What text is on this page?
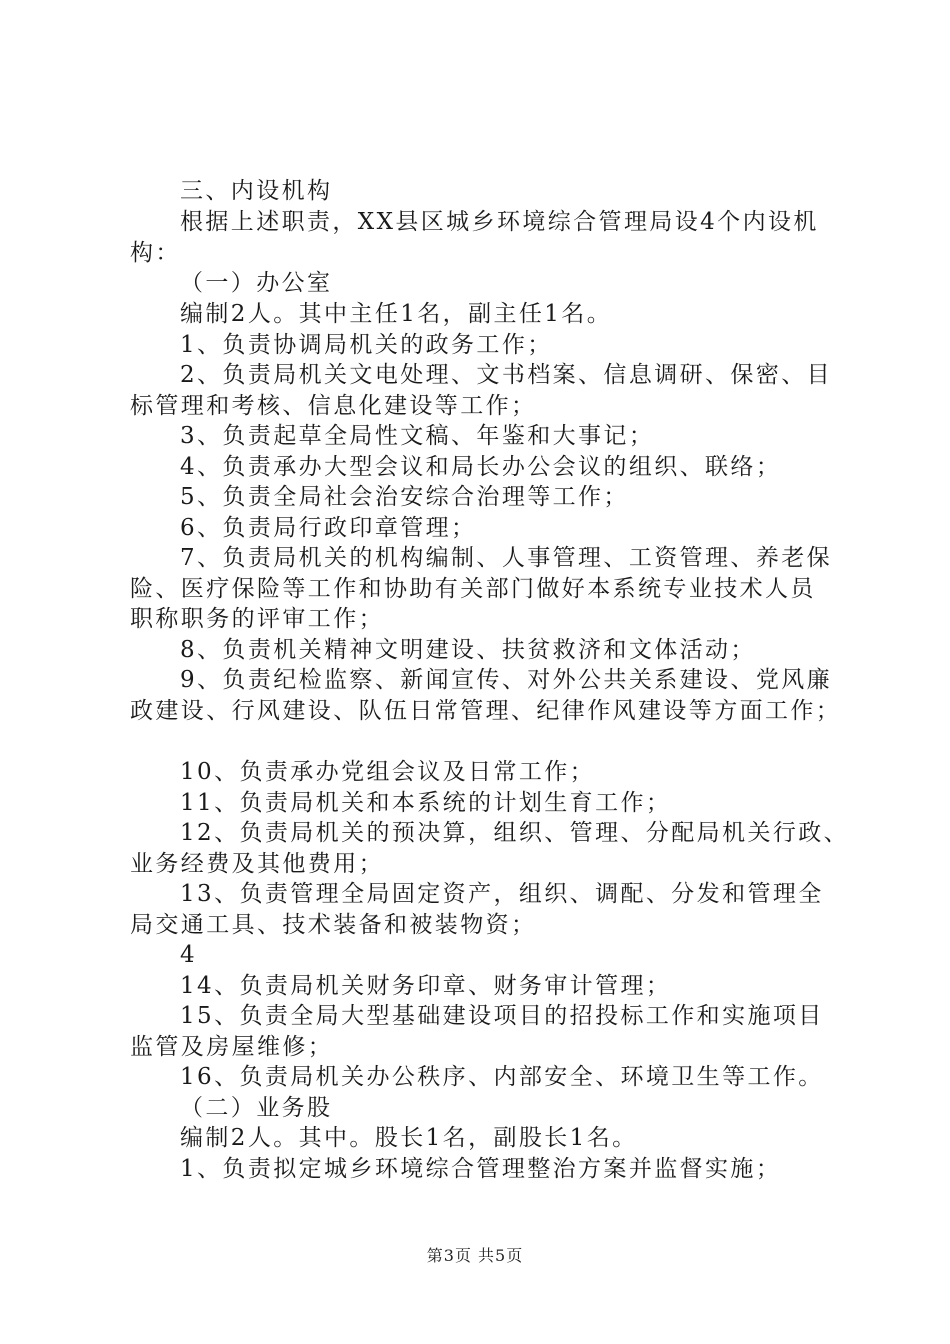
三、内设机构
根据上述职责，XX县区城乡环境综合管理局设4个内设机
构：
（一）办公室
编制2人。其中主任1名，副主任1名。
1、负责协调局机关的政务工作；
2、负责局机关文电处理、文书档案、信息调研、保密、目
标管理和考核、信息化建设等工作；
3、负责起草全局性文稿、年鉴和大事记；
4、负责承办大型会议和局长办公会议的组织、联络；
5、负责全局社会治安综合治理等工作；
6、负责局行政印章管理；
7、负责局机关的机构编制、人事管理、工资管理、养老保
险、医疗保险等工作和协助有关部门做好本系统专业技术人员
职称职务的评审工作；
8、负责机关精神文明建设、扶贫救济和文体活动；
9、负责纪检监察、新闻宣传、对外公共关系建设、党风廉
政建设、行风建设、队伍日常管理、纪律作风建设等方面工作；
10、负责承办党组会议及日常工作；
11、负责局机关和本系统的计划生育工作；
12、负责局机关的预决算，组织、管理、分配局机关行政、
业务经费及其他费用；
13、负责管理全局固定资产，组织、调配、分发和管理全
局交通工具、技术装备和被装物资；
4
14、负责局机关财务印章、财务审计管理；
15、负责全局大型基础建设项目的招投标工作和实施项目
监管及房屋维修；
16、负责局机关办公秩序、内部安全、环境卫生等工作。
（二）业务股
编制2人。其中。股长1名，副股长1名。
1、负责拟定城乡环境综合管理整治方案并监督实施；
第3页 共5页
